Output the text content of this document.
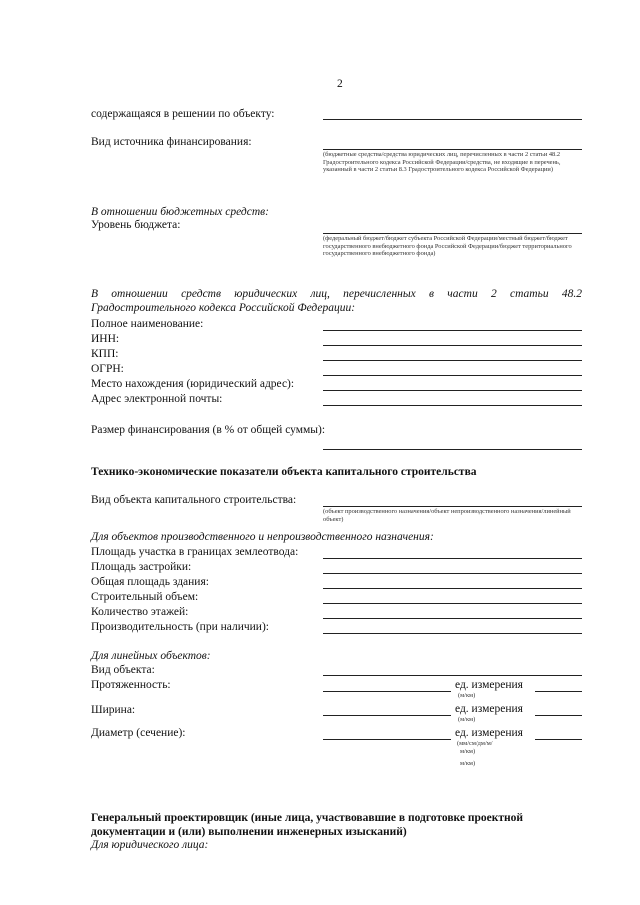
2
содержащаяся в решении по объекту:
Вид источника финансирования:
(бюджетные средства/средства юридических лиц, перечисленных в части 2 статьи 48.2 Градостроительного кодекса Российской Федерации/средства, не входящие в перечень, указанный в части 2 статьи 8.3 Градостроительного кодекса Российской Федерации)
В отношении бюджетных средств:
Уровень бюджета:
(федеральный бюджет/бюджет субъекта Российской Федерации/местный бюджет/бюджет государственного внебюджетного фонда Российской Федерации/бюджет территориального государственного внебюджетного фонда)
В отношении средств юридических лиц, перечисленных в части 2 статьи 48.2
Градостроительного кодекса Российской Федерации:
Полное наименование:
ИНН:
КПП:
ОГРН:
Место нахождения (юридический адрес):
Адрес электронной почты:
Размер финансирования (в % от общей суммы):
Технико-экономические показатели объекта капитального строительства
Вид объекта капитального строительства:
(объект производственного назначения/объект непроизводственного назначения/линейный объект)
Для объектов производственного и непроизводственного назначения:
Площадь участка в границах землеотвода:
Площадь застройки:
Общая площадь здания:
Строительный объем:
Количество этажей:
Производительность (при наличии):
Для линейных объектов:
Вид объекта:
Протяженность:	ед. измерения
(м/км)
Ширина:	ед. измерения
(м/км)
Диаметр (сечение):	ед. измерения
(мм/см/дм/м/
м/км)
м/км)
Генеральный проектировщик (иные лица, участвовавшие в подготовке проектной
документации и (или) выполнении инженерных изысканий)
Для юридического лица:
